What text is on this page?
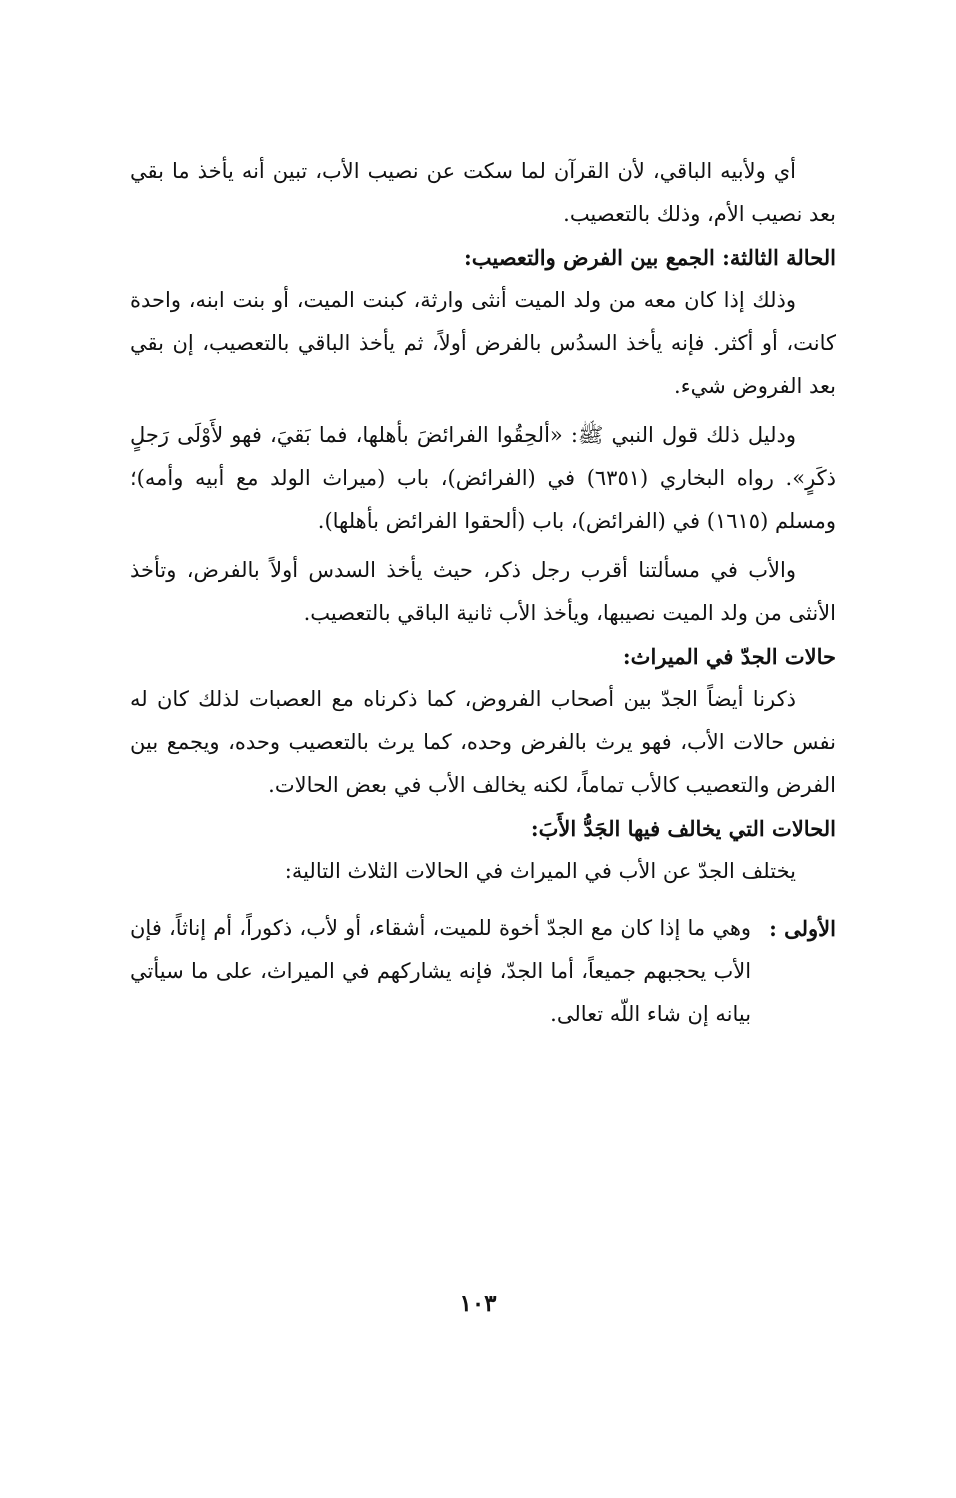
أي ولأبيه الباقي، لأن القرآن لما سكت عن نصيب الأب، تبين أنه يأخذ ما بقي بعد نصيب الأم، وذلك بالتعصيب.

الحالة الثالثة: الجمع بين الفرض والتعصيب:

وذلك إذا كان معه من ولد الميت أنثى وارثة، كبنت الميت، أو بنت ابنه، واحدة كانت، أو أكثر. فإنه يأخذ السدُس بالفرض أولاً، ثم يأخذ الباقي بالتعصيب، إن بقي بعد الفروض شيء.

ودليل ذلك قول النبي ﷺ: «ألحِقُوا الفرائضَ بأهلها، فما بَقيَ، فهو لأَوْلَى رَجلٍ ذكَرٍ». رواه البخاري (٦٣٥١) في (الفرائض)، باب (ميراث الولد مع أبيه وأمه)؛ ومسلم (١٦١٥) في (الفرائض)، باب (ألحقوا الفرائض بأهلها).

والأب في مسألتنا أقرب رجل ذكر، حيث يأخذ السدس أولاً بالفرض، وتأخذ الأنثى من ولد الميت نصيبها، ويأخذ الأب ثانية الباقي بالتعصيب.

حالات الجدّ في الميراث:

ذكرنا أيضاً الجدّ بين أصحاب الفروض، كما ذكرناه مع العصبات لذلك كان له نفس حالات الأب، فهو يرث بالفرض وحده، كما يرث بالتعصيب وحده، ويجمع بين الفرض والتعصيب كالأب تماماً، لكنه يخالف الأب في بعض الحالات.

الحالات التي يخالف فيها الجَدُّ الأَبَ:

يختلف الجدّ عن الأب في الميراث في الحالات الثلاث التالية:

الأولى :

وهي ما إذا كان مع الجدّ أخوة للميت، أشقاء، أو لأب، ذكوراً، أم إناثاً، فإن الأب يحجبهم جميعاً، أما الجدّ، فإنه يشاركهم في الميراث، على ما سيأتي بيانه إن شاء اللّه تعالى.

١٠٣
